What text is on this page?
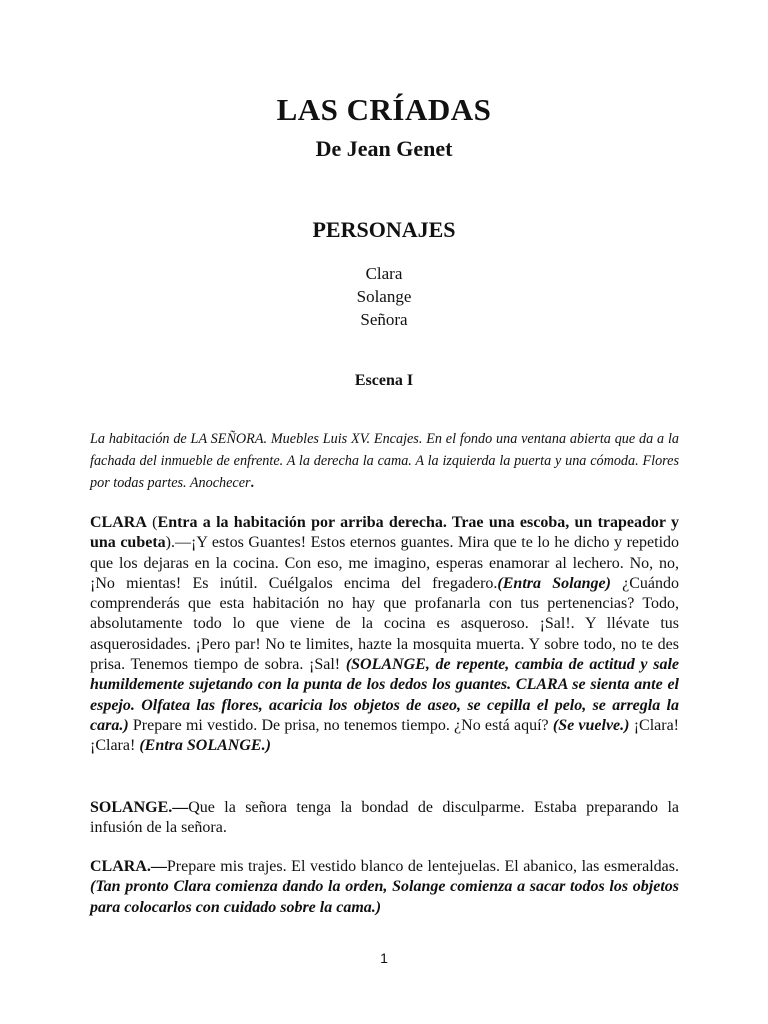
LAS CRÍADAS
De Jean Genet
PERSONAJES
Clara
Solange
Señora
Escena I

La habitación de LA SEÑORA. Muebles Luis XV. Encajes. En el fondo una ventana abierta que da a la fachada del inmueble de enfrente. A la derecha la cama. A la izquierda la puerta y una cómoda. Flores por todas partes. Anochecer.

CLARA (Entra a la habitación por arriba derecha. Trae una escoba, un trapeador y una cubeta).—¡Y estos Guantes! Estos eternos guantes. Mira que te lo he dicho y repetido que los dejaras en la cocina. Con eso, me imagino, esperas enamorar al lechero. No, no, ¡No mientas! Es inútil. Cuélgalos encima del fregadero.(Entra Solange) ¿Cuándo comprenderás que esta habitación no hay que profanarla con tus pertenencias? Todo, absolutamente todo lo que viene de la cocina es asqueroso. ¡Sal!. Y llévate tus asquerosidades. ¡Pero par! No te limites, hazte la mosquita muerta. Y sobre todo, no te des prisa. Tenemos tiempo de sobra. ¡Sal! (SOLANGE, de repente, cambia de actitud y sale humildemente sujetando con la punta de los dedos los guantes. CLARA se sienta ante el espejo. Olfatea las flores, acaricia los objetos de aseo, se cepilla el pelo, se arregla la cara.) Prepare mi vestido. De prisa, no tenemos tiempo. ¿No está aquí? (Se vuelve.) ¡Clara! ¡Clara! (Entra SOLANGE.)

SOLANGE.—Que la señora tenga la bondad de disculparme. Estaba preparando la infusión de la señora.

CLARA.—Prepare mis trajes. El vestido blanco de lentejuelas. El abanico, las esmeraldas. (Tan pronto Clara comienza dando la orden, Solange comienza a sacar todos los objetos para colocarlos con cuidado sobre la cama.)

1
